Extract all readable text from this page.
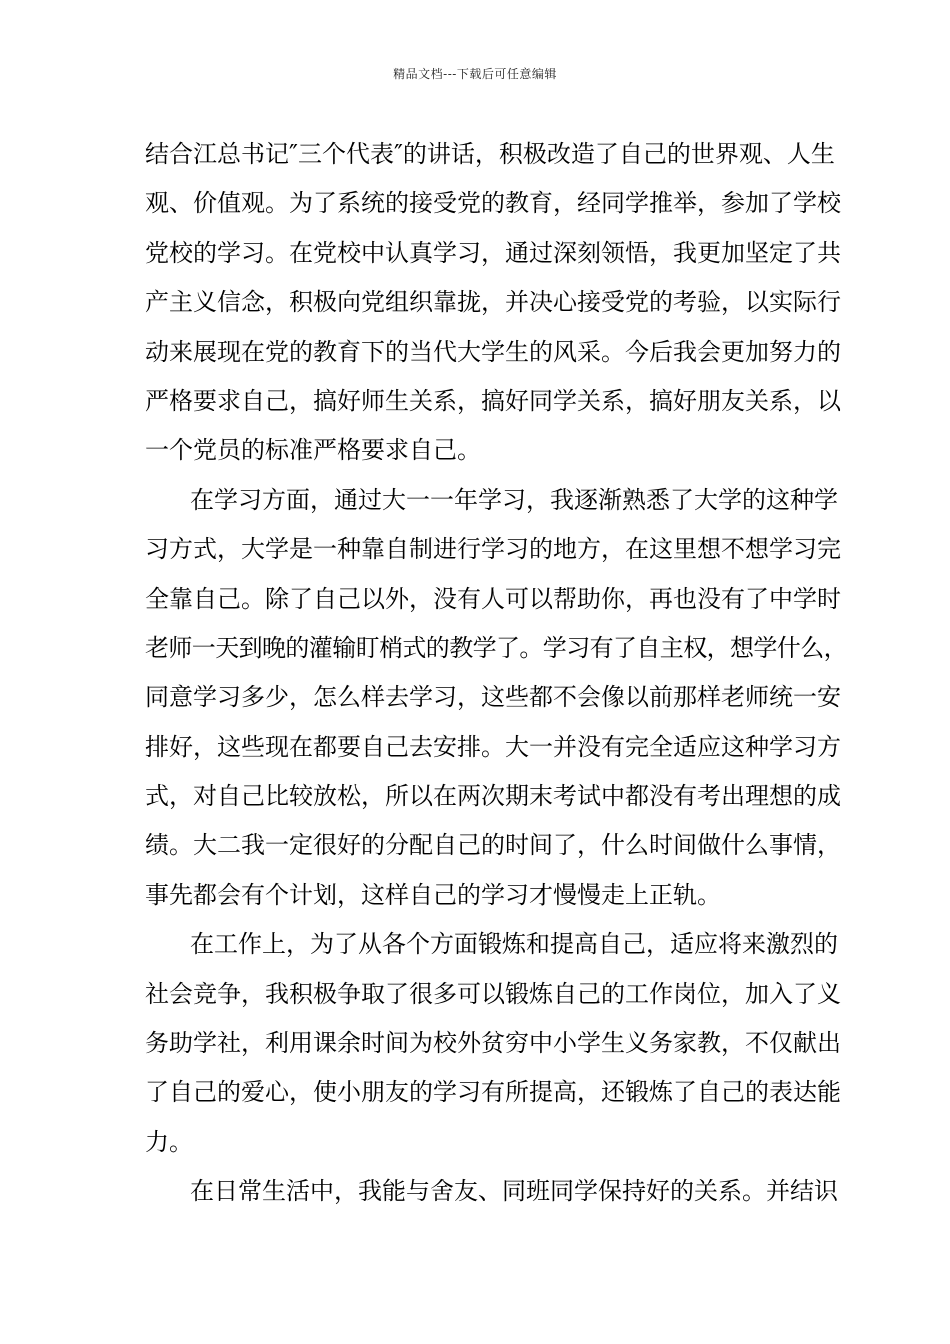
精品文档---下载后可任意编辑
结合江总书记″三个代表″的讲话，积极改造了自己的世界观、人生
观、价值观。为了系统的接受党的教育，经同学推举，参加了学校
党校的学习。在党校中认真学习，通过深刻领悟，我更加坚定了共
产主义信念，积极向党组织靠拢，并决心接受党的考验，以实际行
动来展现在党的教育下的当代大学生的风采。今后我会更加努力的
严格要求自己，搞好师生关系，搞好同学关系，搞好朋友关系，以
一个党员的标准严格要求自己。
在学习方面，通过大一一年学习，我逐渐熟悉了大学的这种学
习方式，大学是一种靠自制进行学习的地方，在这里想不想学习完
全靠自己。除了自己以外，没有人可以帮助你，再也没有了中学时
老师一天到晚的灌输盯梢式的教学了。学习有了自主权，想学什么，
同意学习多少，怎么样去学习，这些都不会像以前那样老师统一安
排好，这些现在都要自己去安排。大一并没有完全适应这种学习方
式，对自己比较放松，所以在两次期末考试中都没有考出理想的成
绩。大二我一定很好的分配自己的时间了，什么时间做什么事情，
事先都会有个计划，这样自己的学习才慢慢走上正轨。
在工作上，为了从各个方面锻炼和提高自己，适应将来激烈的
社会竞争，我积极争取了很多可以锻炼自己的工作岗位，加入了义
务助学社，利用课余时间为校外贫穷中小学生义务家教，不仅献出
了自己的爱心，使小朋友的学习有所提高，还锻炼了自己的表达能
力。
在日常生活中，我能与舍友、同班同学保持好的关系。并结识
